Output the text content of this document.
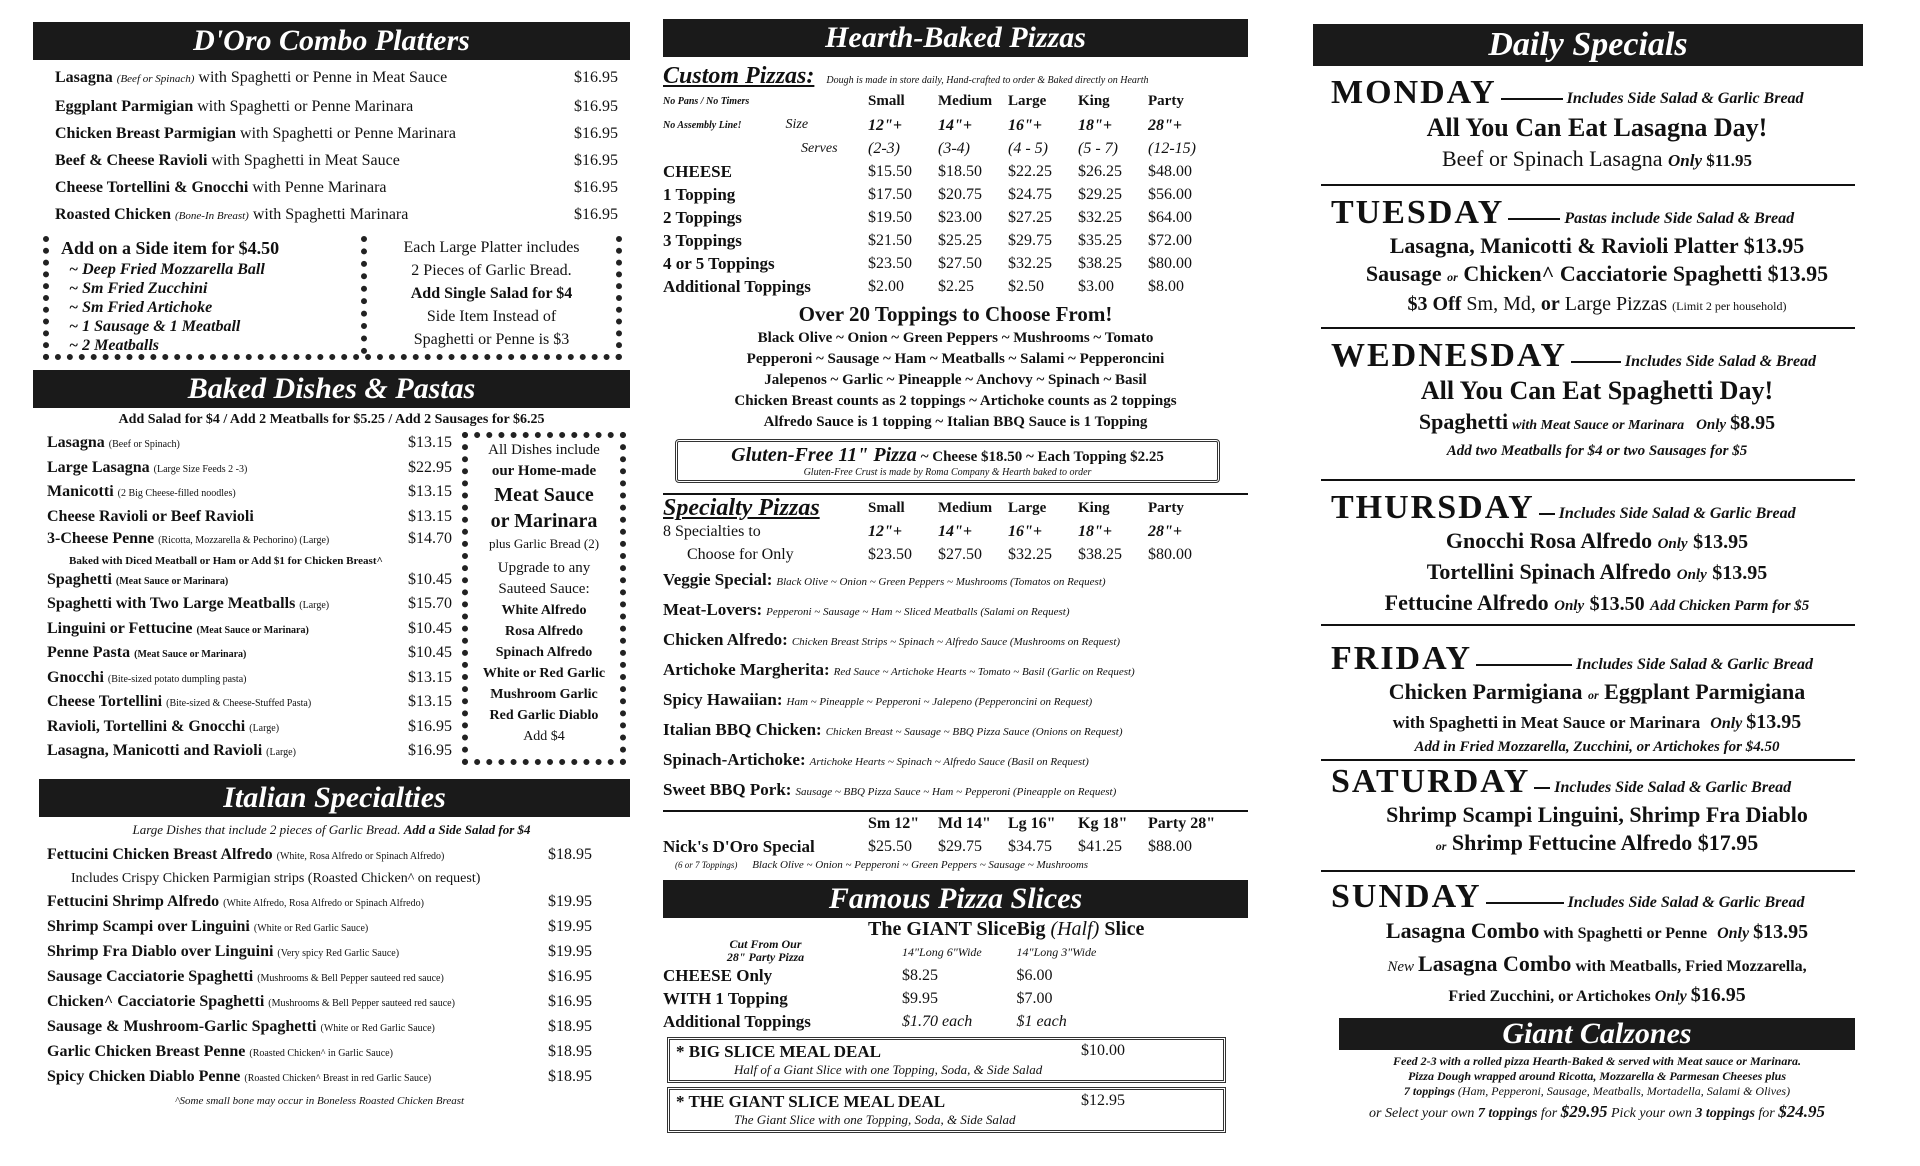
D'Oro Combo Platters
Lasagna (Beef or Spinach) with Spaghetti or Penne in Meat Sauce	$16.95
Eggplant Parmigian with Spaghetti or Penne Marinara	$16.95
Chicken Breast Parmigian with Spaghetti or Penne Marinara	$16.95
Beef & Cheese Ravioli with Spaghetti in Meat Sauce	$16.95
Cheese Tortellini & Gnocchi with Penne Marinara	$16.95
Roasted Chicken (Bone-In Breast) with Spaghetti Marinara	$16.95
Add on a Side item for $4.50
~ Deep Fried Mozzarella Ball
~ Sm Fried Zucchini
~ Sm Fried Artichoke
~ 1 Sausage & 1 Meatball
~ 2 Meatballs
Each Large Platter includes
2 Pieces of Garlic Bread.
Add Single Salad for $4
Side Item Instead of
Spaghetti or Penne is $3
Baked Dishes & Pastas
Add Salad for $4 / Add 2 Meatballs for $5.25 / Add 2 Sausages for $6.25
Lasagna (Beef or Spinach)	$13.15
Large Lasagna (Large Size Feeds 2 -3)	$22.95
Manicotti (2 Big Cheese-filled noodles)	$13.15
Cheese Ravioli or Beef Ravioli	$13.15
3-Cheese Penne (Ricotta, Mozzarella & Pechorino) (Large)	$14.70
Baked with Diced Meatball or Ham or Add $1 for Chicken Breast^
Spaghetti (Meat Sauce or Marinara)	$10.45
Spaghetti with Two Large Meatballs (Large)	$15.70
Linguini or Fettucine (Meat Sauce or Marinara)	$10.45
Penne Pasta (Meat Sauce or Marinara)	$10.45
Gnocchi (Bite-sized potato dumpling pasta)	$13.15
Cheese Tortellini (Bite-sized & Cheese-Stuffed Pasta)	$13.15
Ravioli, Tortellini & Gnocchi (Large)	$16.95
Lasagna, Manicotti and Ravioli (Large)	$16.95
All Dishes include
our Home-made
Meat Sauce
or Marinara
plus Garlic Bread (2)
Upgrade to any
Sauteed Sauce:
White Alfredo
Rosa Alfredo
Spinach Alfredo
White or Red Garlic
Mushroom Garlic
Red Garlic Diablo
Add $4
Italian Specialties
Large Dishes that include 2 pieces of Garlic Bread. Add a Side Salad for $4
Fettucini Chicken Breast Alfredo (White, Rosa Alfredo or Spinach Alfredo)	$18.95
Includes Crispy Chicken Parmigian strips (Roasted Chicken^ on request)
Fettucini Shrimp Alfredo (White Alfredo, Rosa Alfredo or Spinach Alfredo)	$19.95
Shrimp Scampi over Linguini (White or Red Garlic Sauce)	$19.95
Shrimp Fra Diablo over Linguini (Very spicy Red Garlic Sauce)	$19.95
Sausage Cacciatorie Spaghetti (Mushrooms & Bell Pepper sauteed red sauce)	$16.95
Chicken^ Cacciatorie Spaghetti (Mushrooms & Bell Pepper sauteed red sauce)	$16.95
Sausage & Mushroom-Garlic Spaghetti (White or Red Garlic Sauce)	$18.95
Garlic Chicken Breast Penne (Roasted Chicken^ in Garlic Sauce)	$18.95
Spicy Chicken Diablo Penne (Roasted Chicken^ Breast in red Garlic Sauce)	$18.95
^Some small bone may occur in Boneless Roasted Chicken Breast
Hearth-Baked Pizzas
Custom Pizzas: Dough is made in store daily, Hand-crafted to order & Baked directly on Hearth
No Pans / No Timers	Small	Medium	Large	King	Party
No Assembly Line! Size	12"+	14"+	16"+	18"+	28"+
Serves	(2-3)	(3-4)	(4 - 5)	(5 - 7)	(12-15)
CHEESE	$15.50	$18.50	$22.25	$26.25	$48.00
1 Topping	$17.50	$20.75	$24.75	$29.25	$56.00
2 Toppings	$19.50	$23.00	$27.25	$32.25	$64.00
3 Toppings	$21.50	$25.25	$29.75	$35.25	$72.00
4 or 5 Toppings	$23.50	$27.50	$32.25	$38.25	$80.00
Additional Toppings	$2.00	$2.25	$2.50	$3.00	$8.00
Over 20 Toppings to Choose From!
Black Olive ~ Onion ~ Green Peppers ~ Mushrooms ~ Tomato
Pepperoni ~ Sausage ~ Ham ~ Meatballs ~ Salami ~ Pepperoncini
Jalepenos ~ Garlic ~ Pineapple ~ Anchovy ~ Spinach ~ Basil
Chicken Breast counts as 2 toppings ~ Artichoke counts as 2 toppings
Alfredo Sauce is 1 topping ~ Italian BBQ Sauce is 1 Topping
Gluten-Free 11" Pizza ~ Cheese $18.50 ~ Each Topping $2.25
Gluten-Free Crust is made by Roma Company & Hearth baked to order
Specialty Pizzas	Small	Medium	Large	King	Party
8 Specialties to	12"+	14"+	16"+	18"+	28"+
Choose for Only	$23.50	$27.50	$32.25	$38.25	$80.00
Veggie Special: Black Olive ~ Onion ~ Green Peppers ~ Mushrooms (Tomatos on Request)
Meat-Lovers: Pepperoni ~ Sausage ~ Ham ~ Sliced Meatballs (Salami on Request)
Chicken Alfredo: Chicken Breast Strips ~ Spinach ~ Alfredo Sauce (Mushrooms on Request)
Artichoke Margherita: Red Sauce ~ Artichoke Hearts ~ Tomato ~ Basil (Garlic on Request)
Spicy Hawaiian: Ham ~ Pineapple ~ Pepperoni ~ Jalepeno (Pepperoncini on Request)
Italian BBQ Chicken: Chicken Breast ~ Sausage ~ BBQ Pizza Sauce (Onions on Request)
Spinach-Artichoke: Artichoke Hearts ~ Spinach ~ Alfredo Sauce (Basil on Request)
Sweet BBQ Pork: Sausage ~ BBQ Pizza Sauce ~ Ham ~ Pepperoni (Pineapple on Request)
	Sm 12"	Md 14"	Lg 16"	Kg 18"	Party 28"
Nick's D'Oro Special	$25.50	$29.75	$34.75	$41.25	$88.00
(6 or 7 Toppings) Black Olive ~ Onion ~ Pepperoni ~ Green Peppers ~ Sausage ~ Mushrooms
Famous Pizza Slices
Cut From Our
28" Party Pizza	The GIANT Slice	Big (Half) Slice
	14"Long 6"Wide	14"Long 3"Wide
CHEESE Only	$8.25	$6.00
WITH 1 Topping	$9.95	$7.00
Additional Toppings	$1.70 each	$1 each
* BIG SLICE MEAL DEAL	$10.00
Half of a Giant Slice with one Topping, Soda, & Side Salad
* THE GIANT SLICE MEAL DEAL	$12.95
The Giant Slice with one Topping, Soda, & Side Salad
Daily Specials
MONDAY	Includes Side Salad & Garlic Bread
All You Can Eat Lasagna Day!
Beef or Spinach Lasagna Only $11.95
TUESDAY	Pastas include Side Salad & Bread
Lasagna, Manicotti & Ravioli Platter $13.95
Sausage or Chicken^ Cacciatorie Spaghetti $13.95
$3 Off Sm, Md, or Large Pizzas (Limit 2 per household)
WEDNESDAY	Includes Side Salad & Bread
All You Can Eat Spaghetti Day!
Spaghetti with Meat Sauce or Marinara Only $8.95
Add two Meatballs for $4 or two Sausages for $5
THURSDAY Includes Side Salad & Garlic Bread
Gnocchi Rosa Alfredo Only $13.95
Tortellini Spinach Alfredo Only $13.95
Fettucine Alfredo Only $13.50 Add Chicken Parm for $5
FRIDAY	Includes Side Salad & Garlic Bread
Chicken Parmigiana or Eggplant Parmigiana
with Spaghetti in Meat Sauce or Marinara Only $13.95
Add in Fried Mozzarella, Zucchini, or Artichokes for $4.50
SATURDAY Includes Side Salad & Garlic Bread
Shrimp Scampi Linguini, Shrimp Fra Diablo
or Shrimp Fettucine Alfredo $17.95
SUNDAY	Includes Side Salad & Garlic Bread
Lasagna Combo with Spaghetti or Penne Only $13.95
New Lasagna Combo with Meatballs, Fried Mozzarella,
Fried Zucchini, or Artichokes Only $16.95
Giant Calzones
Feed 2-3 with a rolled pizza Hearth-Baked & served with Meat sauce or Marinara.
Pizza Dough wrapped around Ricotta, Mozzarella & Parmesan Cheeses plus
7 toppings (Ham, Pepperoni, Sausage, Meatballs, Mortadella, Salami & Olives)
or Select your own 7 toppings for $29.95 Pick your own 3 toppings for $24.95
